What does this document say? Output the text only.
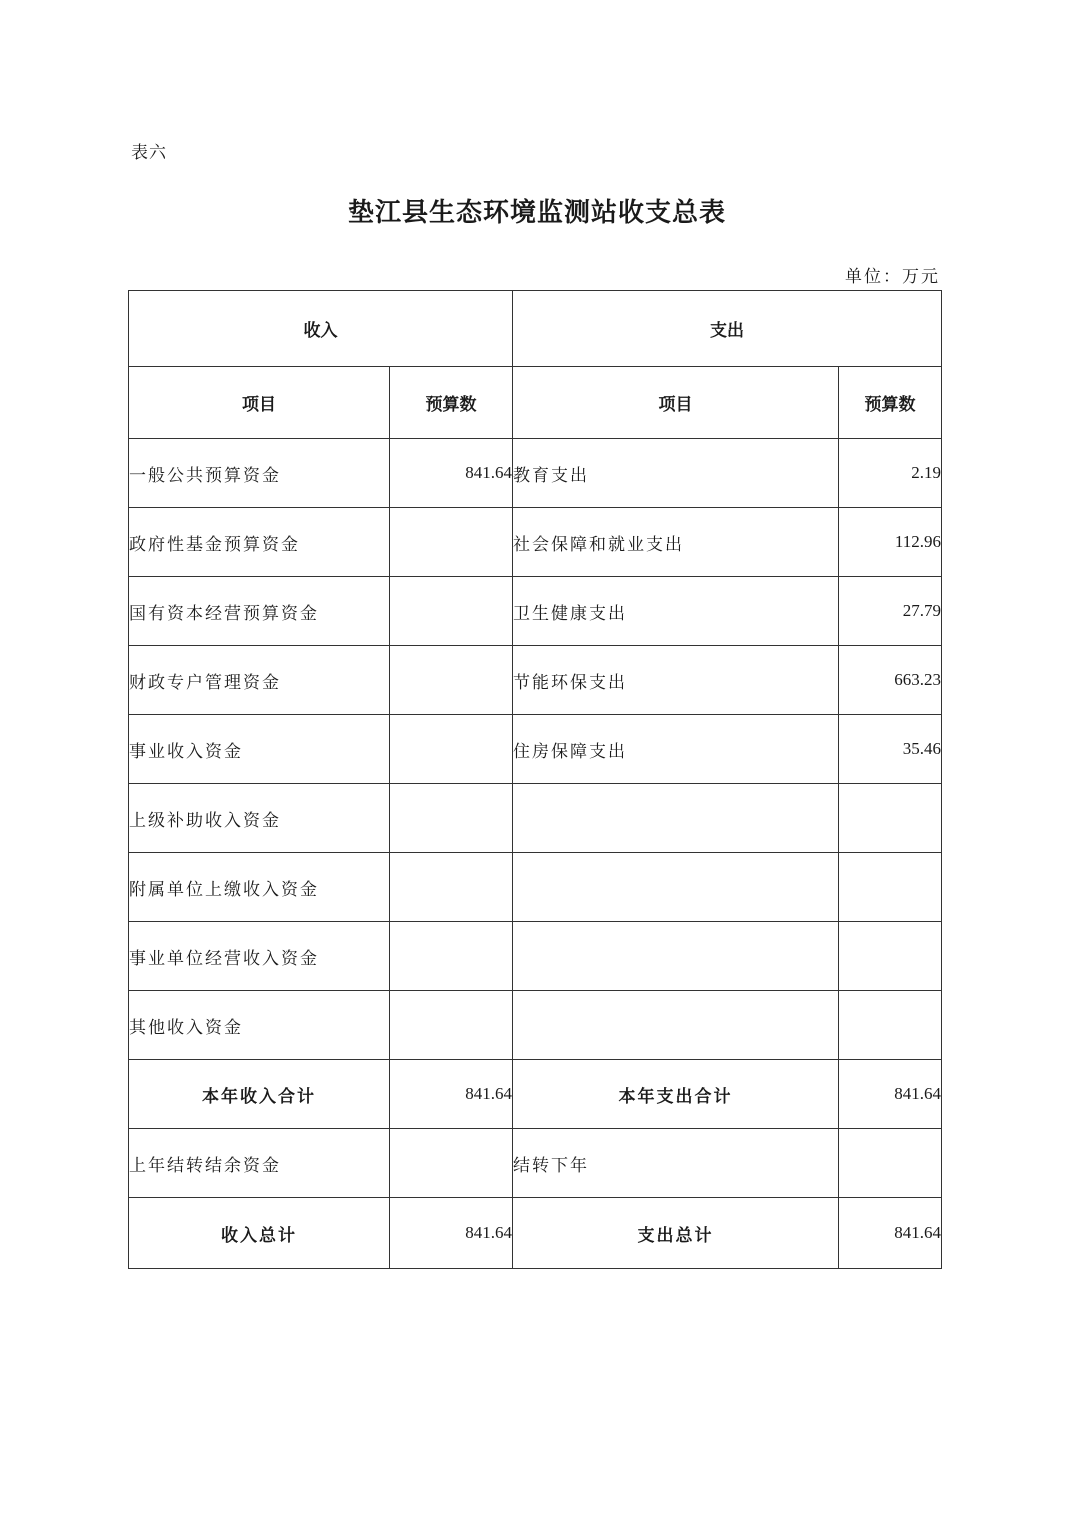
表六
垫江县生态环境监测站收支总表
单位：万元
收入		支出	
项目	预算数	项目	预算数
一般公共预算资金	841.64	教育支出	2.19
政府性基金预算资金		社会保障和就业支出	112.96
国有资本经营预算资金		卫生健康支出	27.79
财政专户管理资金		节能环保支出	663.23
事业收入资金		住房保障支出	35.46
上级补助收入资金			
附属单位上缴收入资金			
事业单位经营收入资金			
其他收入资金			
本年收入合计	841.64	本年支出合计	841.64
上年结转结余资金		结转下年	
收入总计	841.64	支出总计	841.64
